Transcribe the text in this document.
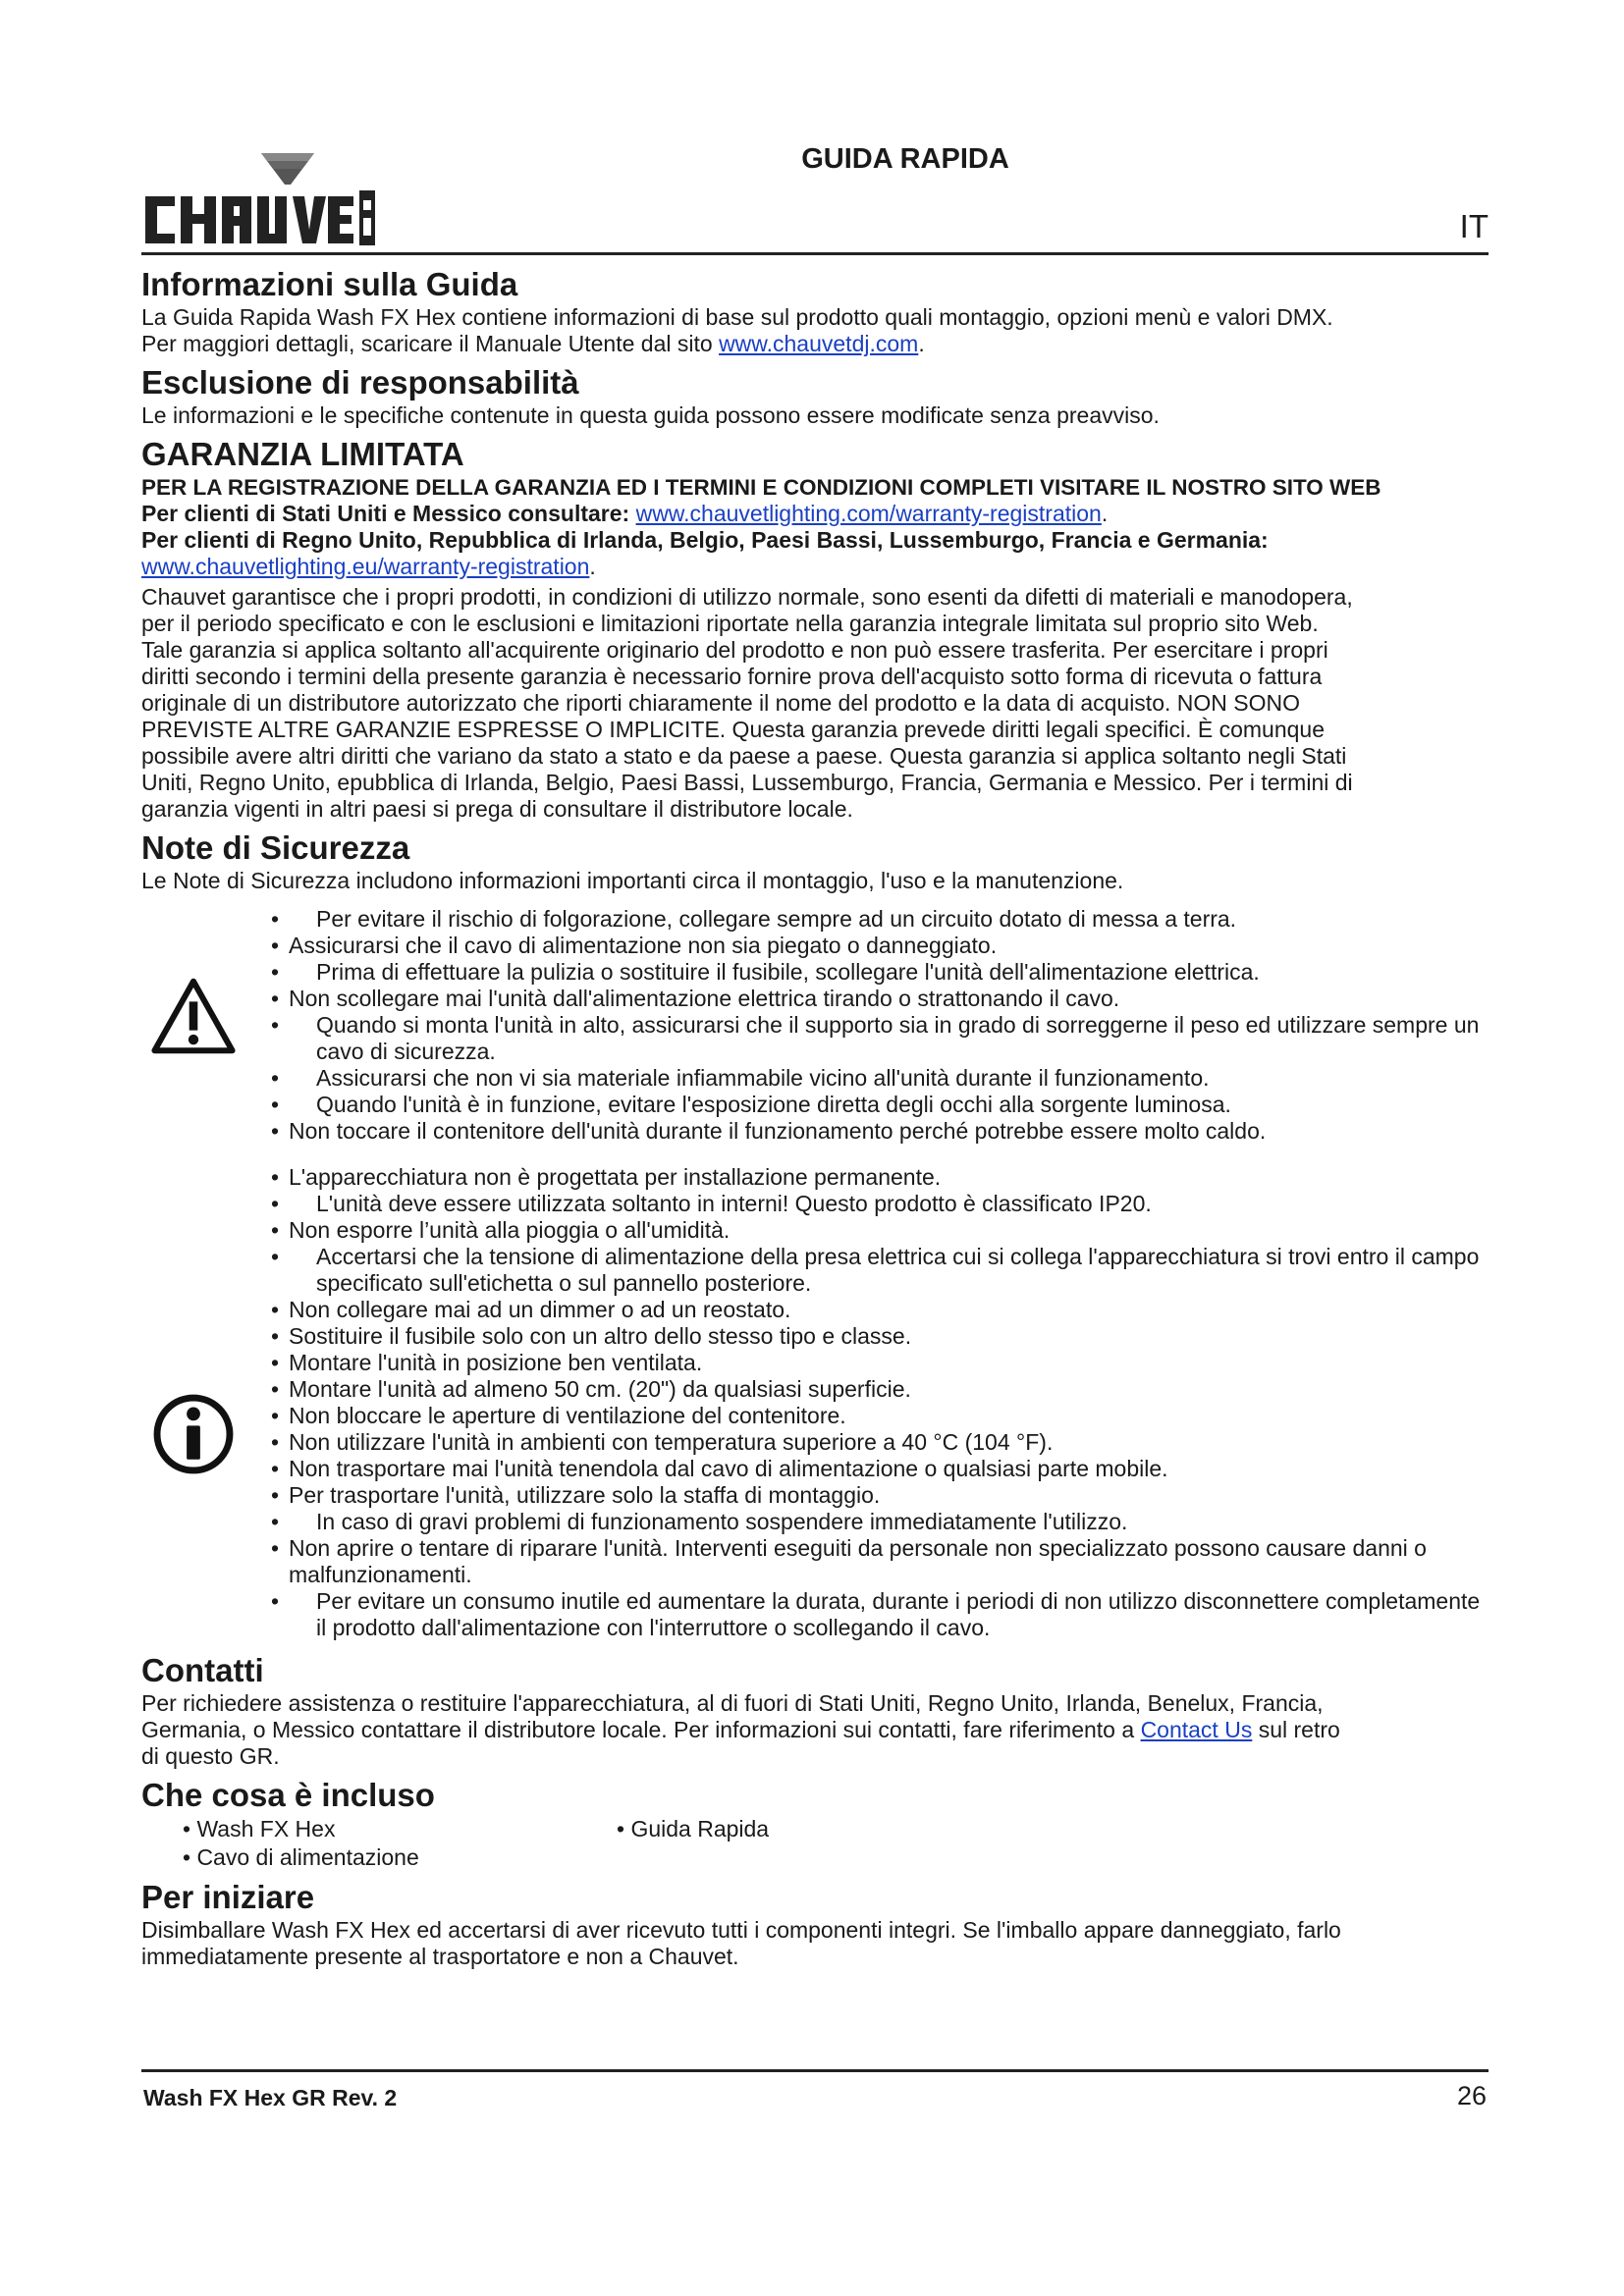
GUIDA RAPIDA
IT
Informazioni sulla Guida

La Guida Rapida Wash FX Hex contiene informazioni di base sul prodotto quali montaggio, opzioni menù e valori DMX.

Per maggiori dettagli, scaricare il Manuale Utente dal sito www.chauvetdj.com.

Esclusione di responsabilità

Le informazioni e le specifiche contenute in questa guida possono essere modificate senza preavviso.

GARANZIA LIMITATA

PER LA REGISTRAZIONE DELLA GARANZIA ED I TERMINI E CONDIZIONI COMPLETI VISITARE IL NOSTRO SITO WEB

Per clienti di Stati Uniti e Messico consultare: www.chauvetlighting.com/warranty-registration.

Per clienti di Regno Unito, Repubblica di Irlanda, Belgio, Paesi Bassi, Lussemburgo, Francia e Germania:

www.chauvetlighting.eu/warranty-registration.

Chauvet garantisce che i propri prodotti, in condizioni di utilizzo normale, sono esenti da difetti di materiali e manodopera,

per il periodo specificato e con le esclusioni e limitazioni riportate nella garanzia integrale limitata sul proprio sito Web.

Tale garanzia si applica soltanto all'acquirente originario del prodotto e non può essere trasferita. Per esercitare i propri

diritti secondo i termini della presente garanzia è necessario fornire prova dell'acquisto sotto forma di ricevuta o fattura

originale di un distributore autorizzato che riporti chiaramente il nome del prodotto e la data di acquisto. NON SONO

PREVISTE ALTRE GARANZIE ESPRESSE O IMPLICITE. Questa garanzia prevede diritti legali specifici. È comunque

possibile avere altri diritti che variano da stato a stato e da paese a paese. Questa garanzia si applica soltanto negli Stati

Uniti, Regno Unito, epubblica di Irlanda, Belgio, Paesi Bassi, Lussemburgo, Francia, Germania e Messico. Per i termini di

garanzia vigenti in altri paesi si prega di consultare il distributore locale.

Note di Sicurezza

Le Note di Sicurezza includono informazioni importanti circa il montaggio, l'uso e la manutenzione.

•	Per evitare il rischio di folgorazione, collegare sempre ad un circuito dotato di messa a terra.
• Assicurarsi che il cavo di alimentazione non sia piegato o danneggiato.
•	Prima di effettuare la pulizia o sostituire il fusibile, scollegare l'unità dell'alimentazione elettrica.
• Non scollegare mai l'unità dall'alimentazione elettrica tirando o strattonando il cavo.
•	Quando si monta l'unità in alto, assicurarsi che il supporto sia in grado di sorreggerne il peso ed utilizzare sempre un cavo di sicurezza.
•	Assicurarsi che non vi sia materiale infiammabile vicino all'unità durante il funzionamento.
•	Quando l'unità è in funzione, evitare l'esposizione diretta degli occhi alla sorgente luminosa.
• Non toccare il contenitore dell'unità durante il funzionamento perché potrebbe essere molto caldo.
• L'apparecchiatura non è progettata per installazione permanente.
•	L'unità deve essere utilizzata soltanto in interni! Questo prodotto è classificato IP20.
• Non esporre l’unità alla pioggia o all'umidità.
•	Accertarsi che la tensione di alimentazione della presa elettrica cui si collega l'apparecchiatura si trovi entro il campo specificato sull'etichetta o sul pannello posteriore.
• Non collegare mai ad un dimmer o ad un reostato.
• Sostituire il fusibile solo con un altro dello stesso tipo e classe.
• Montare l'unità in posizione ben ventilata.
• Montare l'unità ad almeno 50 cm. (20") da qualsiasi superficie.
• Non bloccare le aperture di ventilazione del contenitore.
• Non utilizzare l'unità in ambienti con temperatura superiore a 40 °C (104 °F).
• Non trasportare mai l'unità tenendola dal cavo di alimentazione o qualsiasi parte mobile.
• Per trasportare l'unità, utilizzare solo la staffa di montaggio.
•	In caso di gravi problemi di funzionamento sospendere immediatamente l'utilizzo.
• Non aprire o tentare di riparare l'unità. Interventi eseguiti da personale non specializzato possono causare danni o malfunzionamenti.
•	Per evitare un consumo inutile ed aumentare la durata, durante i periodi di non utilizzo disconnettere completamente il prodotto dall'alimentazione con l'interruttore o scollegando il cavo.
Contatti

Per richiedere assistenza o restituire l'apparecchiatura, al di fuori di Stati Uniti, Regno Unito, Irlanda, Benelux, Francia,

Germania, o Messico contattare il distributore locale. Per informazioni sui contatti, fare riferimento a Contact Us sul retro

di questo GR.

Che cosa è incluso
• Wash FX Hex	• Guida Rapida
• Cavo di alimentazione
Per iniziare

Disimballare Wash FX Hex ed accertarsi di aver ricevuto tutti i componenti integri. Se l'imballo appare danneggiato, farlo

immediatamente presente al trasportatore e non a Chauvet.

Wash FX Hex GR Rev. 2	26
